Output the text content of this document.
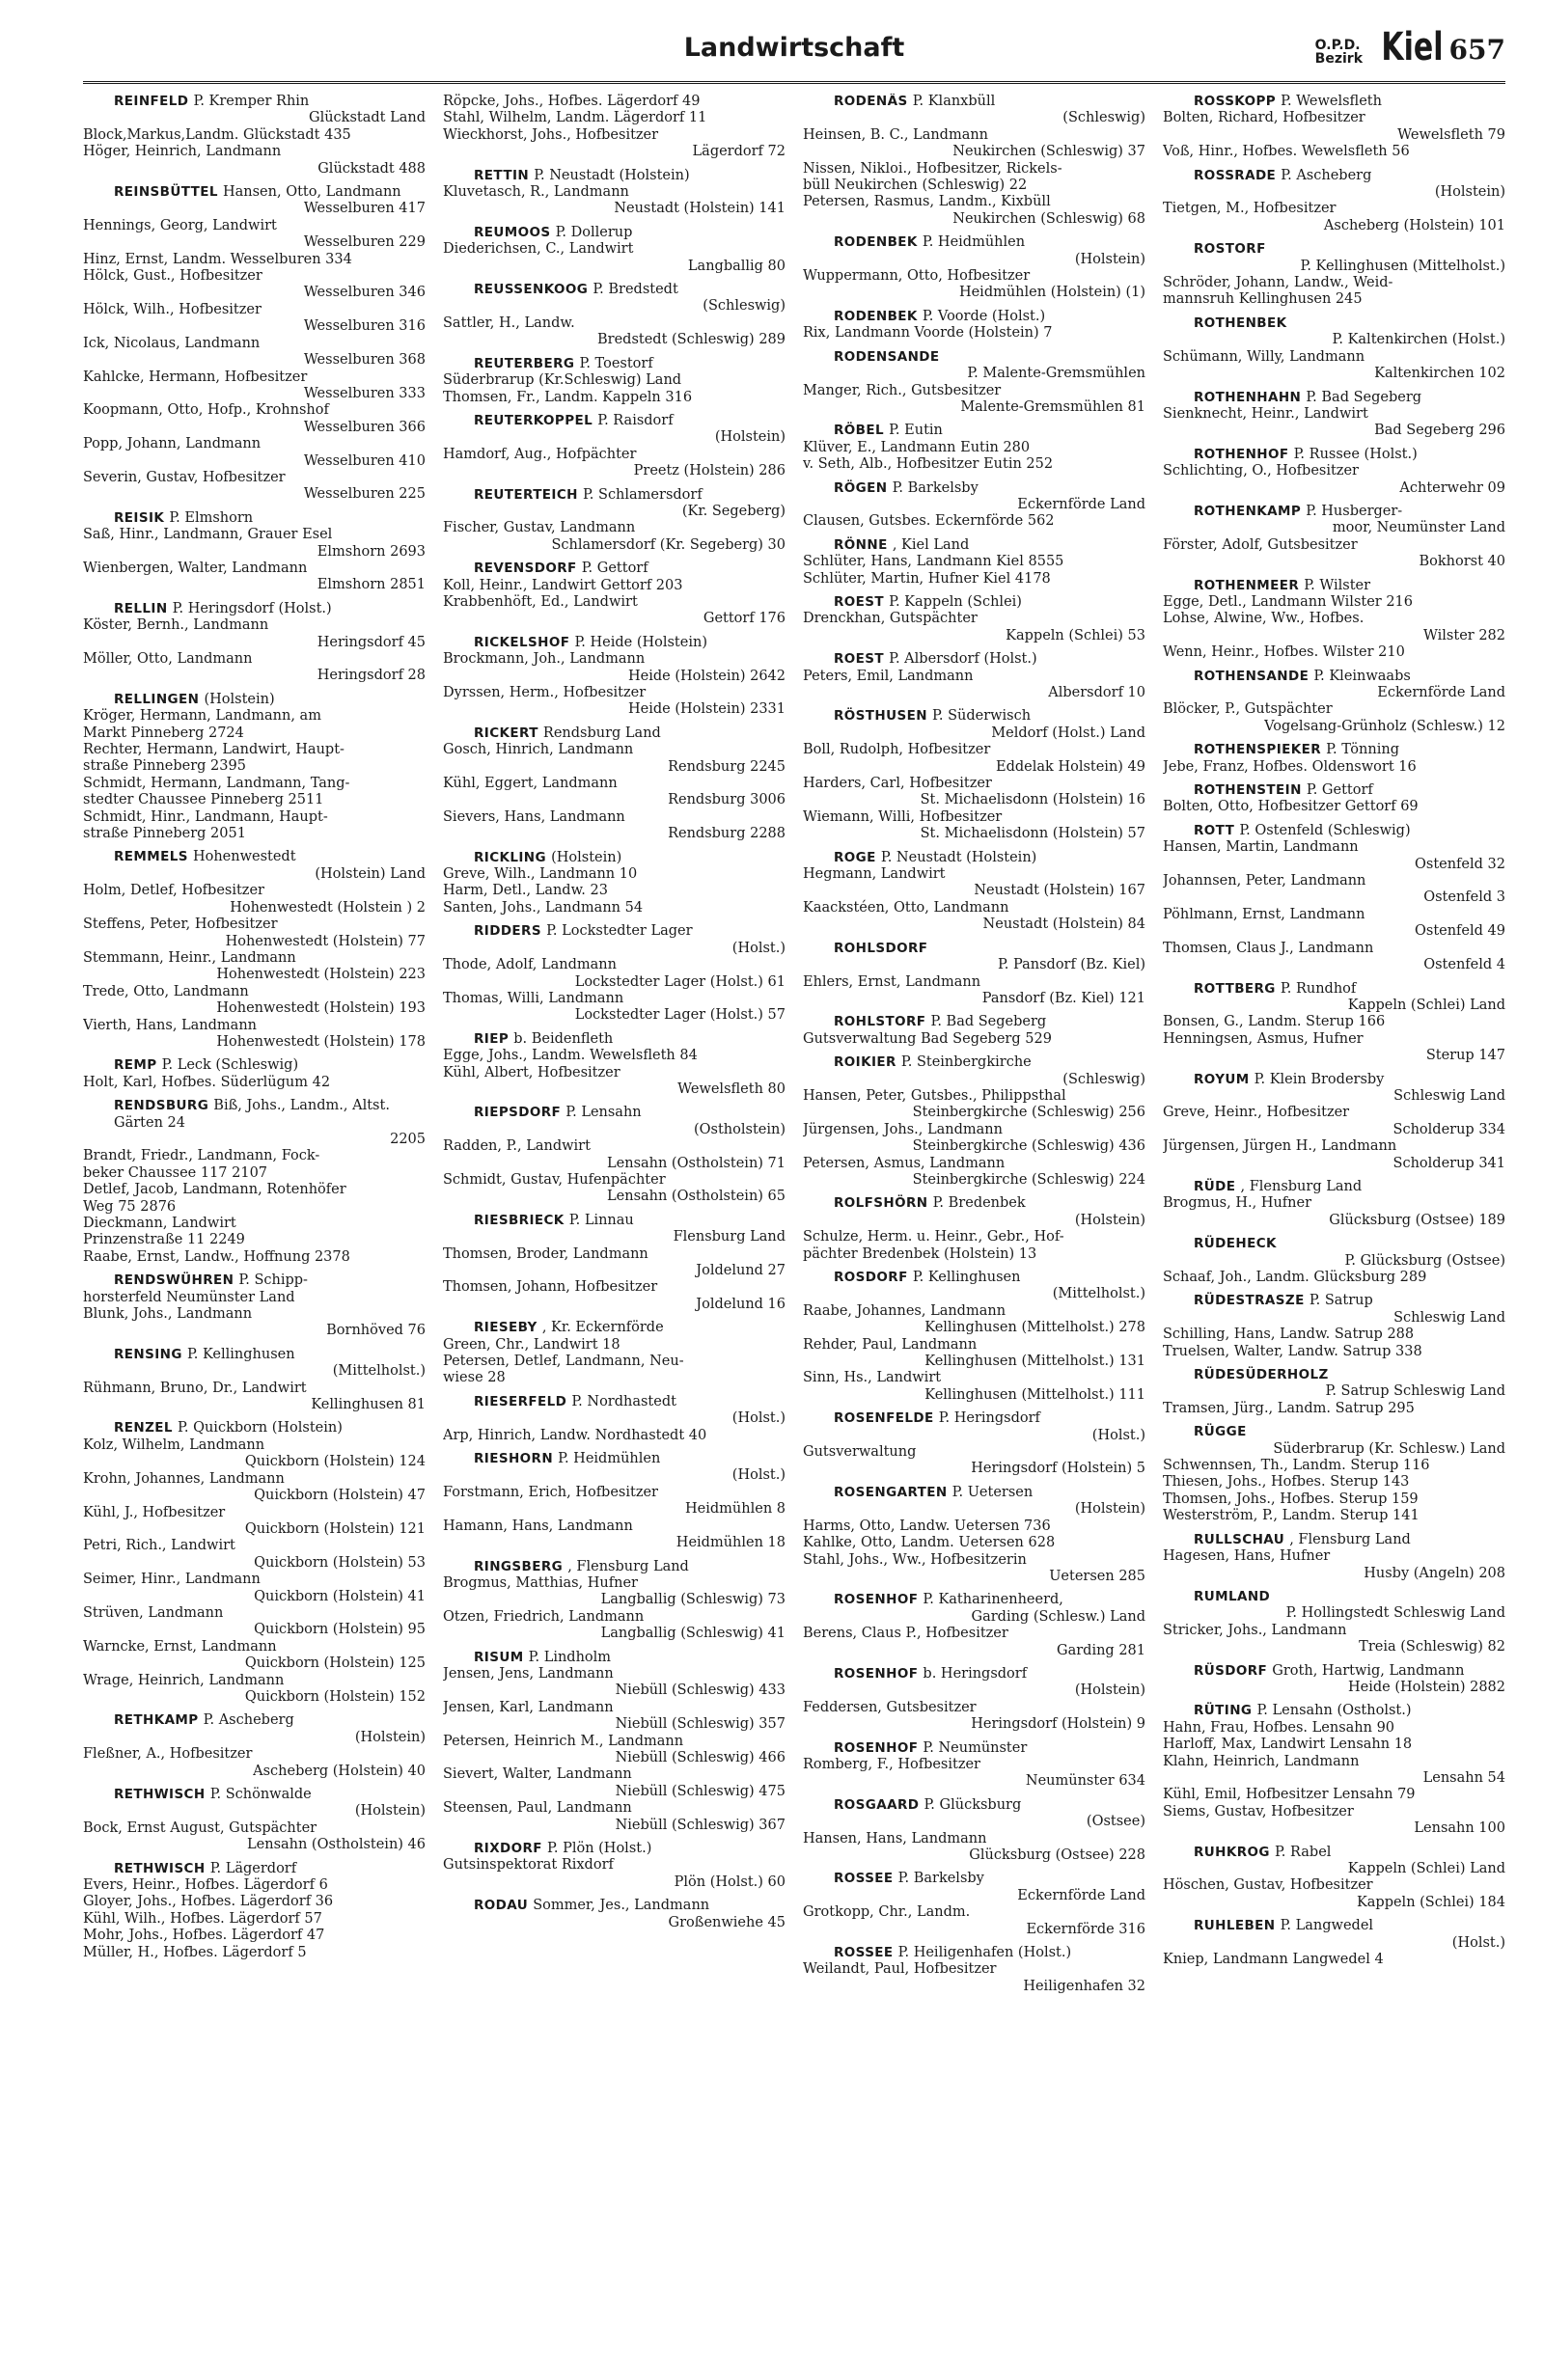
Landwirtschaft	O.P.D.
Bezirk Kiel 657
REINFELD P. Kremper Rhin
Glückstadt Land
Block,Markus,Landm. Glückstadt 435
Höger, Heinrich, Landmann
Glückstadt 488
REINSBÜTTEL Hansen, Otto, Landmann
Wesselburen 417
Hennings, Georg, Landwirt
Wesselburen 229
Hinz, Ernst, Landm. Wesselburen 334
Hölck, Gust., Hofbesitzer
Wesselburen 346
Hölck, Wilh., Hofbesitzer
Wesselburen 316
Ick, Nicolaus, Landmann
Wesselburen 368
Kahlcke, Hermann, Hofbesitzer
Wesselburen 333
Koopmann, Otto, Hofp., Krohnshof
Wesselburen 366
Popp, Johann, Landmann
Wesselburen 410
Severin, Gustav, Hofbesitzer
Wesselburen 225
REISIK P. Elmshorn
Saß, Hinr., Landmann, Grauer Esel
Elmshorn 2693
Wienbergen, Walter, Landmann
Elmshorn 2851
RELLIN P. Heringsdorf (Holst.)
Köster, Bernh., Landmann
Heringsdorf 45
Möller, Otto, Landmann
Heringsdorf 28
RELLINGEN (Holstein)
Kröger, Hermann, Landmann, am
Markt Pinneberg 2724
Rechter, Hermann, Landwirt, Haupt-
straße Pinneberg 2395
Schmidt, Hermann, Landmann, Tang-
stedter Chaussee Pinneberg 2511
Schmidt, Hinr., Landmann, Haupt-
straße Pinneberg 2051
REMMELS Hohenwestedt
(Holstein) Land
Holm, Detlef, Hofbesitzer
Hohenwestedt (Holstein ) 2
Steffens, Peter, Hofbesitzer
Hohenwestedt (Holstein) 77
Stemmann, Heinr., Landmann
Hohenwestedt (Holstein) 223
Trede, Otto, Landmann
Hohenwestedt (Holstein) 193
Vierth, Hans, Landmann
Hohenwestedt (Holstein) 178
REMP P. Leck (Schleswig)
Holt, Karl, Hofbes. Süderlügum 42
RENDSBURG Biß, Johs., Landm., Altst. Gärten 24
2205
Brandt, Friedr., Landmann, Fock-
beker Chaussee 117 2107
Detlef, Jacob, Landmann, Rotenhöfer
Weg 75 2876
Dieckmann, Landwirt
Prinzenstraße 11 2249
Raabe, Ernst, Landw., Hoffnung 2378
RENDSWÜHREN P. Schipp-
horsterfeld Neumünster Land
Blunk, Johs., Landmann
Bornhöved 76
RENSING P. Kellinghusen
(Mittelholst.)
Rühmann, Bruno, Dr., Landwirt
Kellinghusen 81
RENZEL P. Quickborn (Holstein)
Kolz, Wilhelm, Landmann
Quickborn (Holstein) 124
Krohn, Johannes, Landmann
Quickborn (Holstein) 47
Kühl, J., Hofbesitzer
Quickborn (Holstein) 121
Petri, Rich., Landwirt
Quickborn (Holstein) 53
Seimer, Hinr., Landmann
Quickborn (Holstein) 41
Strüven, Landmann
Quickborn (Holstein) 95
Warncke, Ernst, Landmann
Quickborn (Holstein) 125
Wrage, Heinrich, Landmann
Quickborn (Holstein) 152
RETHKAMP P. Ascheberg
(Holstein)
Fleßner, A., Hofbesitzer
Ascheberg (Holstein) 40
RETHWISCH P. Schönwalde
(Holstein)
Bock, Ernst August, Gutspächter
Lensahn (Ostholstein) 46
RETHWISCH P. Lägerdorf
Evers, Heinr., Hofbes. Lägerdorf 6
Gloyer, Johs., Hofbes. Lägerdorf 36
Kühl, Wilh., Hofbes. Lägerdorf 57
Mohr, Johs., Hofbes. Lägerdorf 47
Müller, H., Hofbes. Lägerdorf 5
Röpcke, Johs., Hofbes. Lägerdorf 49
Stahl, Wilhelm, Landm. Lägerdorf 11
Wieckhorst, Johs., Hofbesitzer
Lägerdorf 72
RETTIN P. Neustadt (Holstein)
Kluvetasch, R., Landmann
Neustadt (Holstein) 141
REUMOOS P. Dollerup
Diederichsen, C., Landwirt
Langballig 80
REUSSENKOOG P. Bredstedt
(Schleswig)
Sattler, H., Landw.
Bredstedt (Schleswig) 289
REUTERBERG P. Toestorf
Süderbrarup (Kr.Schleswig) Land
Thomsen, Fr., Landm. Kappeln 316
REUTERKOPPEL P. Raisdorf
(Holstein)
Hamdorf, Aug., Hofpächter
Preetz (Holstein) 286
REUTERTEICH P. Schlamersdorf
(Kr. Segeberg)
Fischer, Gustav, Landmann
Schlamersdorf (Kr. Segeberg) 30
REVENSDORF P. Gettorf
Koll, Heinr., Landwirt Gettorf 203
Krabbenhöft, Ed., Landwirt
Gettorf 176
RICKELSHOF P. Heide (Holstein)
Brockmann, Joh., Landmann
Heide (Holstein) 2642
Dyrssen, Herm., Hofbesitzer
Heide (Holstein) 2331
RICKERT Rendsburg Land
Gosch, Hinrich, Landmann
Rendsburg 2245
Kühl, Eggert, Landmann
Rendsburg 3006
Sievers, Hans, Landmann
Rendsburg 2288
RICKLING (Holstein)
Greve, Wilh., Landmann 10
Harm, Detl., Landw. 23
Santen, Johs., Landmann 54
RIDDERS P. Lockstedter Lager
(Holst.)
Thode, Adolf, Landmann
Lockstedter Lager (Holst.) 61
Thomas, Willi, Landmann
Lockstedter Lager (Holst.) 57
RIEP b. Beidenfleth
Egge, Johs., Landm. Wewelsfleth 84
Kühl, Albert, Hofbesitzer
Wewelsfleth 80
RIEPSDORF P. Lensahn
(Ostholstein)
Radden, P., Landwirt
Lensahn (Ostholstein) 71
Schmidt, Gustav, Hufenpächter
Lensahn (Ostholstein) 65
RIESBRIECK P. Linnau
Flensburg Land
Thomsen, Broder, Landmann
Joldelund 27
Thomsen, Johann, Hofbesitzer
Joldelund 16
RIESEBY , Kr. Eckernförde
Green, Chr., Landwirt 18
Petersen, Detlef, Landmann, Neu-
wiese 28
RIESERFELD P. Nordhastedt
(Holst.)
Arp, Hinrich, Landw. Nordhastedt 40
RIESHORN P. Heidmühlen
(Holst.)
Forstmann, Erich, Hofbesitzer
Heidmühlen 8
Hamann, Hans, Landmann
Heidmühlen 18
RINGSBERG , Flensburg Land
Brogmus, Matthias, Hufner
Langballig (Schleswig) 73
Otzen, Friedrich, Landmann
Langballig (Schleswig) 41
RISUM P. Lindholm
Jensen, Jens, Landmann
Niebüll (Schleswig) 433
Jensen, Karl, Landmann
Niebüll (Schleswig) 357
Petersen, Heinrich M., Landmann
Niebüll (Schleswig) 466
Sievert, Walter, Landmann
Niebüll (Schleswig) 475
Steensen, Paul, Landmann
Niebüll (Schleswig) 367
RIXDORF P. Plön (Holst.)
Gutsinspektorat Rixdorf
Plön (Holst.) 60
RODAU Sommer, Jes., Landmann
Großenwiehe 45
RODENÄS P. Klanxbüll
(Schleswig)
Heinsen, B. C., Landmann
Neukirchen (Schleswig) 37
Nissen, Nikloi., Hofbesitzer, Rickels-
büll Neukirchen (Schleswig) 22
Petersen, Rasmus, Landm., Kixbüll
Neukirchen (Schleswig) 68
RODENBEK P. Heidmühlen
(Holstein)
Wuppermann, Otto, Hofbesitzer
Heidmühlen (Holstein) (1)
RODENBEK P. Voorde (Holst.)
Rix, Landmann Voorde (Holstein) 7
RODENSANDE
P. Malente-Gremsmühlen
Manger, Rich., Gutsbesitzer
Malente-Gremsmühlen 81
RÖBEL P. Eutin
Klüver, E., Landmann Eutin 280
v. Seth, Alb., Hofbesitzer Eutin 252
RÖGEN P. Barkelsby
Eckernförde Land
Clausen, Gutsbes. Eckernförde 562
RÖNNE , Kiel Land
Schlüter, Hans, Landmann Kiel 8555
Schlüter, Martin, Hufner Kiel 4178
ROEST P. Kappeln (Schlei)
Drenckhan, Gutspächter
Kappeln (Schlei) 53
ROEST P. Albersdorf (Holst.)
Peters, Emil, Landmann
Albersdorf 10
RÖSTHUSEN P. Süderwisch
Meldorf (Holst.) Land
Boll, Rudolph, Hofbesitzer
Eddelak Holstein) 49
Harders, Carl, Hofbesitzer
St. Michaelisdonn (Holstein) 16
Wiemann, Willi, Hofbesitzer
St. Michaelisdonn (Holstein) 57
ROGE P. Neustadt (Holstein)
Hegmann, Landwirt
Neustadt (Holstein) 167
Kaackstéen, Otto, Landmann
Neustadt (Holstein) 84
ROHLSDORF
P. Pansdorf (Bz. Kiel)
Ehlers, Ernst, Landmann
Pansdorf (Bz. Kiel) 121
ROHLSTORF P. Bad Segeberg
Gutsverwaltung Bad Segeberg 529
ROIKIER P. Steinbergkirche
(Schleswig)
Hansen, Peter, Gutsbes., Philippsthal
Steinbergkirche (Schleswig) 256
Jürgensen, Johs., Landmann
Steinbergkirche (Schleswig) 436
Petersen, Asmus, Landmann
Steinbergkirche (Schleswig) 224
ROLFSHÖRN P. Bredenbek
(Holstein)
Schulze, Herm. u. Heinr., Gebr., Hof-
pächter Bredenbek (Holstein) 13
ROSDORF P. Kellinghusen
(Mittelholst.)
Raabe, Johannes, Landmann
Kellinghusen (Mittelholst.) 278
Rehder, Paul, Landmann
Kellinghusen (Mittelholst.) 131
Sinn, Hs., Landwirt
Kellinghusen (Mittelholst.) 111
ROSENFELDE P. Heringsdorf
(Holst.)
Gutsverwaltung
Heringsdorf (Holstein) 5
ROSENGARTEN P. Uetersen
(Holstein)
Harms, Otto, Landw. Uetersen 736
Kahlke, Otto, Landm. Uetersen 628
Stahl, Johs., Ww., Hofbesitzerin
Uetersen 285
ROSENHOF P. Katharinenheerd,
Garding (Schlesw.) Land
Berens, Claus P., Hofbesitzer
Garding 281
ROSENHOF b. Heringsdorf
(Holstein)
Feddersen, Gutsbesitzer
Heringsdorf (Holstein) 9
ROSENHOF P. Neumünster
Romberg, F., Hofbesitzer
Neumünster 634
ROSGAARD P. Glücksburg
(Ostsee)
Hansen, Hans, Landmann
Glücksburg (Ostsee) 228
ROSSEE P. Barkelsby
Eckernförde Land
Grotkopp, Chr., Landm.
Eckernförde 316
ROSSEE P. Heiligenhafen (Holst.)
Weilandt, Paul, Hofbesitzer
Heiligenhafen 32
ROSSKOPP P. Wewelsfleth
Bolten, Richard, Hofbesitzer
Wewelsfleth 79
Voß, Hinr., Hofbes. Wewelsfleth 56
ROSSRADE P. Ascheberg
(Holstein)
Tietgen, M., Hofbesitzer
Ascheberg (Holstein) 101
ROSTORF
P. Kellinghusen (Mittelholst.)
Schröder, Johann, Landw., Weid-
mannsruh Kellinghusen 245
ROTHENBEK
P. Kaltenkirchen (Holst.)
Schümann, Willy, Landmann
Kaltenkirchen 102
ROTHENHAHN P. Bad Segeberg
Sienknecht, Heinr., Landwirt
Bad Segeberg 296
ROTHENHOF P. Russee (Holst.)
Schlichting, O., Hofbesitzer
Achterwehr 09
ROTHENKAMP P. Husberger-
moor, Neumünster Land
Förster, Adolf, Gutsbesitzer
Bokhorst 40
ROTHENMEER P. Wilster
Egge, Detl., Landmann Wilster 216
Lohse, Alwine, Ww., Hofbes.
Wilster 282
Wenn, Heinr., Hofbes. Wilster 210
ROTHENSANDE P. Kleinwaabs
Eckernförde Land
Blöcker, P., Gutspächter
Vogelsang-Grünholz (Schlesw.) 12
ROTHENSPIEKER P. Tönning
Jebe, Franz, Hofbes. Oldenswort 16
ROTHENSTEIN P. Gettorf
Bolten, Otto, Hofbesitzer Gettorf 69
ROTT P. Ostenfeld (Schleswig)
Hansen, Martin, Landmann
Ostenfeld 32
Johannsen, Peter, Landmann
Ostenfeld 3
Pöhlmann, Ernst, Landmann
Ostenfeld 49
Thomsen, Claus J., Landmann
Ostenfeld 4
ROTTBERG P. Rundhof
Kappeln (Schlei) Land
Bonsen, G., Landm. Sterup 166
Henningsen, Asmus, Hufner
Sterup 147
ROYUM P. Klein Brodersby
Schleswig Land
Greve, Heinr., Hofbesitzer
Scholderup 334
Jürgensen, Jürgen H., Landmann
Scholderup 341
RÜDE , Flensburg Land
Brogmus, H., Hufner
Glücksburg (Ostsee) 189
RÜDEHECK
P. Glücksburg (Ostsee)
Schaaf, Joh., Landm. Glücksburg 289
RÜDESTRASZE P. Satrup
Schleswig Land
Schilling, Hans, Landw. Satrup 288
Truelsen, Walter, Landw. Satrup 338
RÜDESÜDERHOLZ
P. Satrup Schleswig Land
Tramsen, Jürg., Landm. Satrup 295
RÜGGE
Süderbrarup (Kr. Schlesw.) Land
Schwennsen, Th., Landm. Sterup 116
Thiesen, Johs., Hofbes. Sterup 143
Thomsen, Johs., Hofbes. Sterup 159
Westerström, P., Landm. Sterup 141
RULLSCHAU , Flensburg Land
Hagesen, Hans, Hufner
Husby (Angeln) 208
RUMLAND
P. Hollingstedt Schleswig Land
Stricker, Johs., Landmann
Treia (Schleswig) 82
RÜSDORF Groth, Hartwig, Landmann
Heide (Holstein) 2882
RÜTING P. Lensahn (Ostholst.)
Hahn, Frau, Hofbes. Lensahn 90
Harloff, Max, Landwirt Lensahn 18
Klahn, Heinrich, Landmann
Lensahn 54
Kühl, Emil, Hofbesitzer Lensahn 79
Siems, Gustav, Hofbesitzer
Lensahn 100
RUHKROG P. Rabel
Kappeln (Schlei) Land
Höschen, Gustav, Hofbesitzer
Kappeln (Schlei) 184
RUHLEBEN P. Langwedel
(Holst.)
Kniep, Landmann Langwedel 4
